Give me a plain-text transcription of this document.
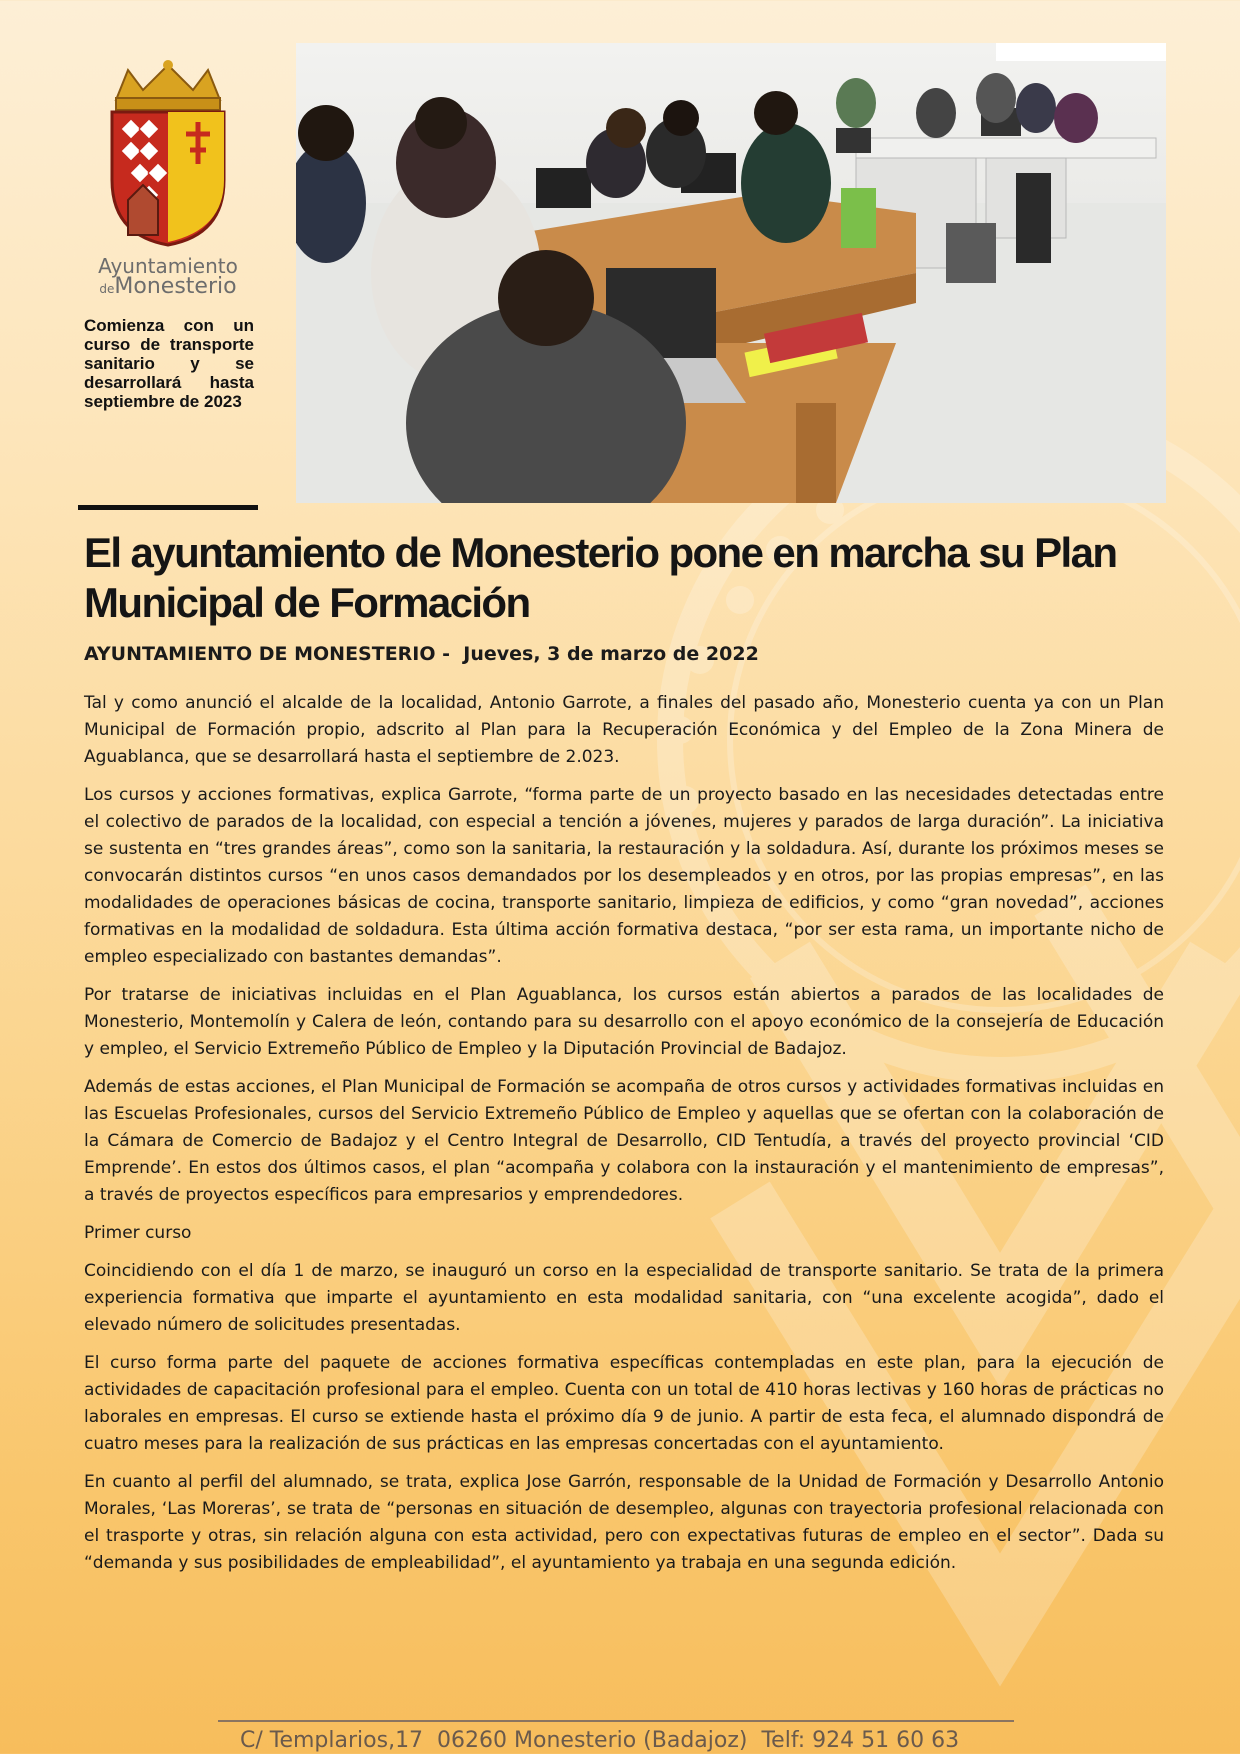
Ayuntamiento
deMonesterio
Comienza con un curso de transporte sanitario y se desarrollará hasta septiembre de 2023
El ayuntamiento de Monesterio pone en marcha su Plan Municipal de Formación
AYUNTAMIENTO DE MONESTERIO -  Jueves, 3 de marzo de 2022

Tal y como anunció el alcalde de la localidad, Antonio Garrote, a finales del pasado año, Monesterio cuenta ya con un Plan Municipal de Formación propio, adscrito al Plan para la Recuperación Económica y del Empleo de la Zona Minera de Aguablanca, que se desarrollará hasta el septiembre de 2.023.

Los cursos y acciones formativas, explica Garrote, “forma parte de un proyecto basado en las necesidades detectadas entre el colectivo de parados de la localidad, con especial a tención a jóvenes, mujeres y parados de larga duración”. La iniciativa se sustenta en “tres grandes áreas”, como son la sanitaria, la restauración y la soldadura. Así, durante los próximos meses se convocarán distintos cursos “en unos casos demandados por los desempleados y en otros, por las propias empresas”, en las modalidades de operaciones básicas de cocina, transporte sanitario, limpieza de edificios, y como “gran novedad”, acciones formativas en la modalidad de soldadura. Esta última acción formativa destaca, “por ser esta rama, un importante nicho de empleo especializado con bastantes demandas”.

Por tratarse de iniciativas incluidas en el Plan Aguablanca, los cursos están abiertos a parados de las localidades de Monesterio, Montemolín y Calera de león, contando para su desarrollo con el apoyo económico de la consejería de Educación y empleo, el Servicio Extremeño Público de Empleo y la Diputación Provincial de Badajoz.

Además de estas acciones, el Plan Municipal de Formación se acompaña de otros cursos y actividades formativas incluidas en las Escuelas Profesionales, cursos del Servicio Extremeño Público de Empleo y aquellas que se ofertan con la colaboración de la Cámara de Comercio de Badajoz y el Centro Integral de Desarrollo, CID Tentudía, a través del proyecto provincial ‘CID Emprende’. En estos dos últimos casos, el plan “acompaña y colabora con la instauración y el mantenimiento de empresas”, a través de proyectos específicos para empresarios y emprendedores.

Primer curso

Coincidiendo con el día 1 de marzo, se inauguró un corso en la especialidad de transporte sanitario. Se trata de la primera experiencia formativa que imparte el ayuntamiento en esta modalidad sanitaria, con “una excelente acogida”, dado el elevado número de solicitudes presentadas.

El curso forma parte del paquete de acciones formativa específicas contempladas en este plan, para la ejecución de actividades de capacitación profesional para el empleo. Cuenta con un total de 410 horas lectivas y 160 horas de prácticas no laborales en empresas. El curso se extiende hasta el próximo día 9 de junio. A partir de esta feca, el alumnado dispondrá de cuatro meses para la realización de sus prácticas en las empresas concertadas con el ayuntamiento.

En cuanto al perfil del alumnado, se trata, explica Jose Garrón, responsable de la Unidad de Formación y Desarrollo Antonio Morales, ‘Las Moreras’, se trata de “personas en situación de desempleo, algunas con trayectoria profesional relacionada con el trasporte y otras, sin relación alguna con esta actividad, pero con expectativas futuras de empleo en el sector”. Dada su “demanda y sus posibilidades de empleabilidad”, el ayuntamiento ya trabaja en una segunda edición.

C/ Templarios,17  06260 Monesterio (Badajoz)  Telf: 924 51 60 63
